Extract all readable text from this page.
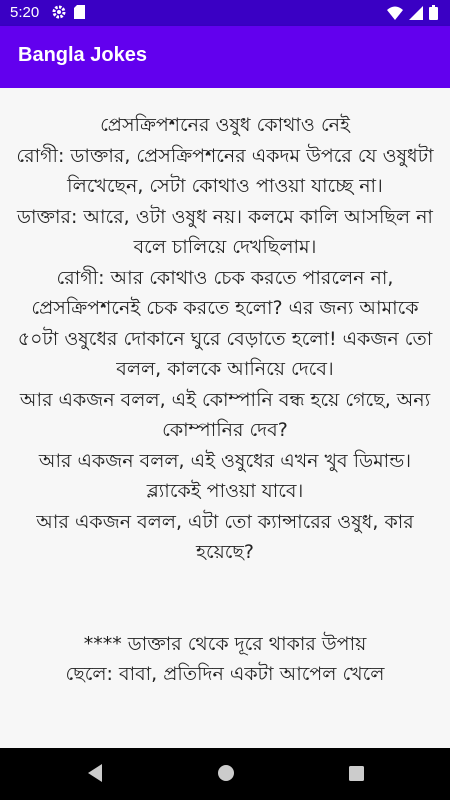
5:20
Bangla Jokes

প্রেসক্রিপশনের ওষুধ কোথাও নেই

রোগী: ডাক্তার, প্রেসক্রিপশনের একদম উপরে যে ওষুধটা লিখেছেন, সেটা কোথাও পাওয়া যাচ্ছে না।

ডাক্তার: আরে, ওটা ওষুধ নয়। কলমে কালি আসছিল না বলে চালিয়ে দেখছিলাম।

রোগী: আর কোথাও চেক করতে পারলেন না, প্রেসক্রিপশনেই চেক করতে হলো? এর জন্য আমাকে ৫০টা ওষুধের দোকানে ঘুরে বেড়াতে হলো! একজন তো বলল, কালকে আনিয়ে দেবে।

আর একজন বলল, এই কোম্পানি বন্ধ হয়ে গেছে, অন্য কোম্পানির দেব?

আর একজন বলল, এই ওষুধের এখন খুব ডিমান্ড। ব্ল্যাকেই পাওয়া যাবে।

আর একজন বলল, এটা তো ক্যান্সারের ওষুধ, কার হয়েছে?

**** ডাক্তার থেকে দূরে থাকার উপায়

ছেলে: বাবা, প্রতিদিন একটা আপেল খেলে
